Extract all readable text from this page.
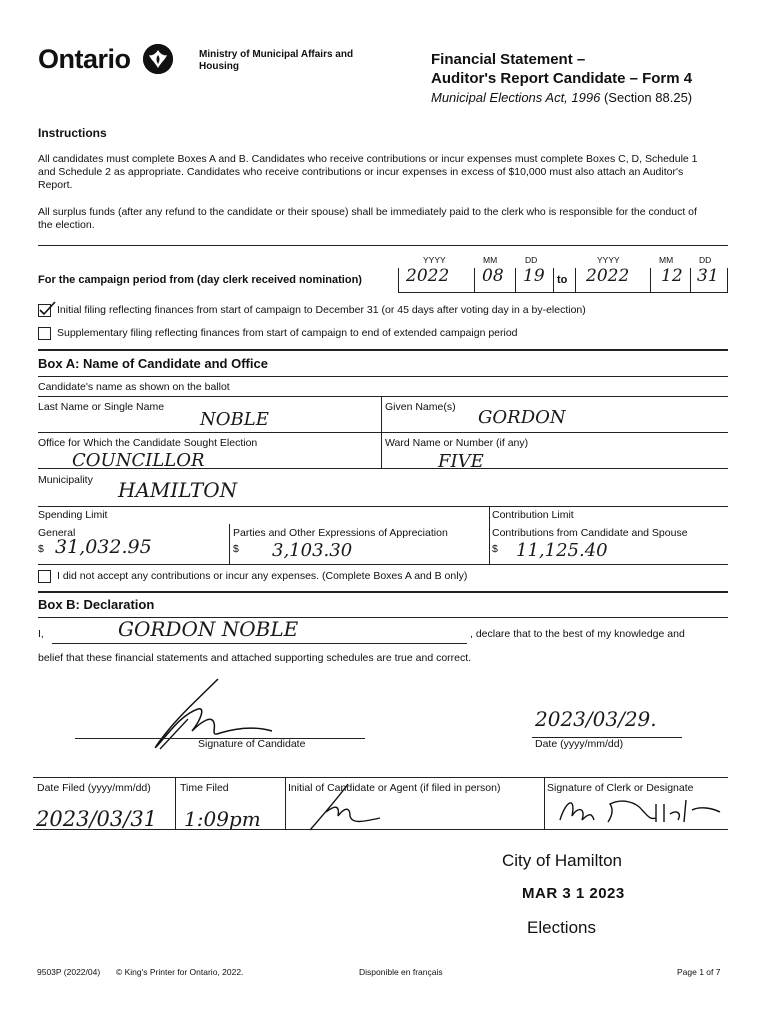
Ontario	Ministry of Municipal Affairs and Housing	Financial Statement –
Auditor's Report Candidate – Form 4
Municipal Elections Act, 1996 (Section 88.25)
Instructions
All candidates must complete Boxes A and B. Candidates who receive contributions or incur expenses must complete Boxes C, D, Schedule 1 and Schedule 2 as appropriate. Candidates who receive contributions or incur expenses in excess of $10,000 must also attach an Auditor's Report.
All surplus funds (after any refund to the candidate or their spouse) shall be immediately paid to the clerk who is responsible for the conduct of the election.
YYYY	MM	DD	YYYY	MM	DD
For the campaign period from (day clerk received nomination)	2022 08 19 to 2022 12 31
Initial filing reflecting finances from start of campaign to December 31 (or 45 days after voting day in a by-election)
Supplementary filing reflecting finances from start of campaign to end of extended campaign period
Box A: Name of Candidate and Office
Candidate's name as shown on the ballot
Last Name or Single Name
NOBLE
Given Name(s) GORDON
Office for Which the Candidate Sought Election
COUNCILLOR
Ward Name or Number (if any)
FIVE
Municipality HAMILTON
Spending Limit	Contribution Limit
General
$ 31,032.95
Parties and Other Expressions of Appreciation
$ 3,103.30
Contributions from Candidate and Spouse
$ 11,125.40
I did not accept any contributions or incur any expenses. (Complete Boxes A and B only)
Box B: Declaration
I,	GORDON NOBLE	, declare that to the best of my knowledge and
belief that these financial statements and attached supporting schedules are true and correct.
Signature of Candidate
2023/03/29.
Date (yyyy/mm/dd)
Date Filed (yyyy/mm/dd)
2023/03/31
Time Filed
1:09pm
Initial of Candidate or Agent (if filed in person)	Signature of Clerk or Designate
City of Hamilton
MAR 3 1 2023
Elections
9503P (2022/04) © King's Printer for Ontario, 2022.	Disponible en français	Page 1 of 7
